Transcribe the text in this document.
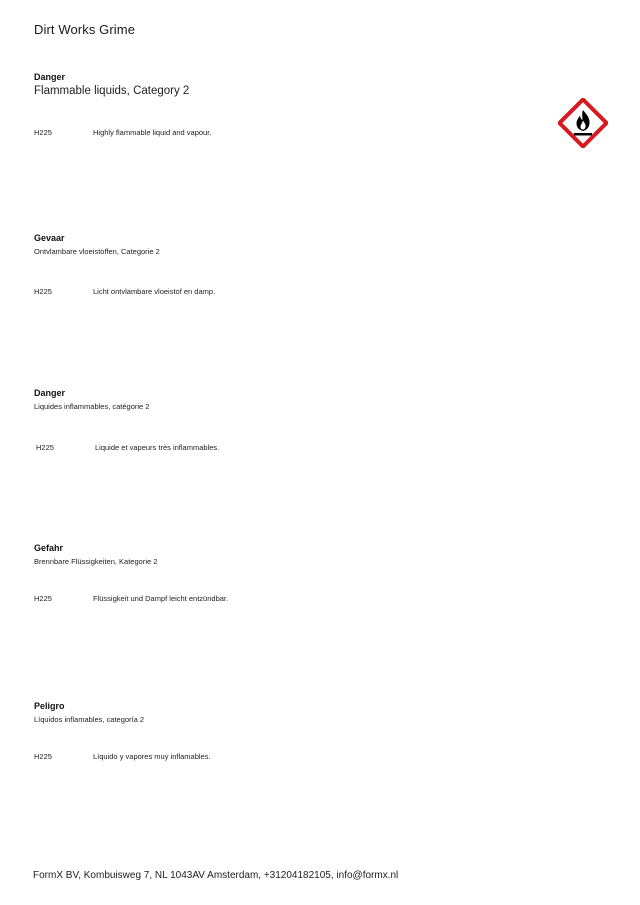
Dirt Works Grime
Danger
Flammable liquids, Category 2
H225	Highly flammable liquid and vapour.
Gevaar
Ontvlambare vloeistoffen, Categorie 2
H225	Licht ontvlambare vloeistof en damp.
Danger
Liquides inflammables, catégorie 2
H225	Liquide et vapeurs très inflammables.
Gefahr
Brennbare Flüssigkeiten, Kategorie 2
H225	Flüssigkeit und Dampf leicht entzündbar.
Peligro
Líquidos inflamables, categoría 2
H225	Líquido y vapores muy inflamables.
FormX BV, Kombuisweg 7, NL 1043AV Amsterdam, +31204182105, info@formx.nl
